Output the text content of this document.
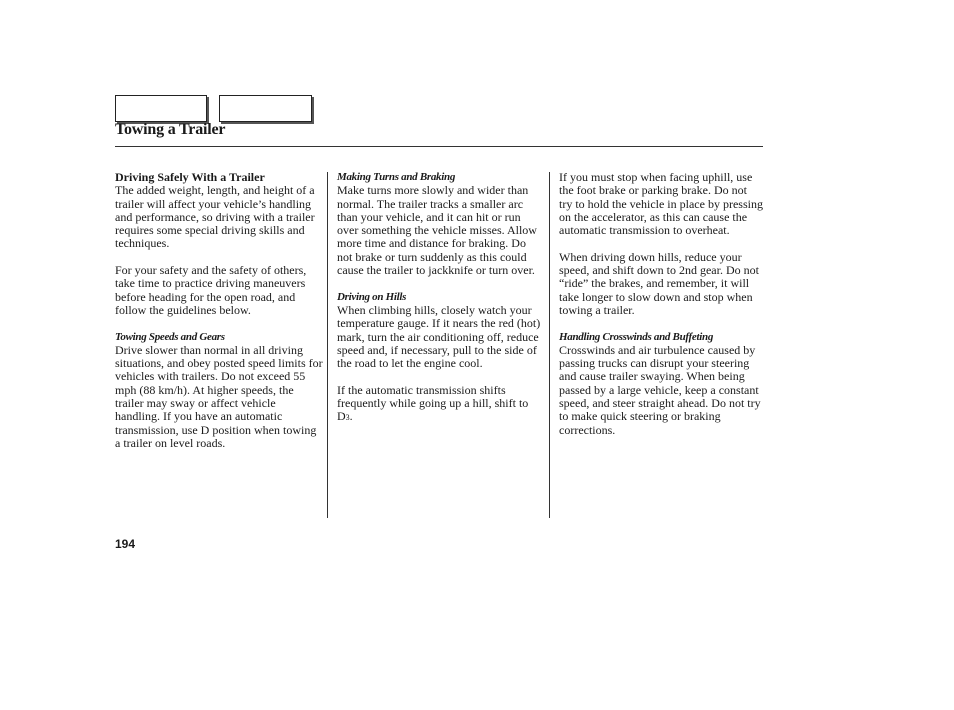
Towing a Trailer
Driving Safely With a Trailer

The added weight, length, and height of a trailer will affect your vehicle’s handling and performance, so driving with a trailer requires some special driving skills and techniques.

For your safety and the safety of others, take time to practice driving maneuvers before heading for the open road, and follow the guidelines below.

Towing Speeds and Gears

Drive slower than normal in all driving situations, and obey posted speed limits for vehicles with trailers. Do not exceed 55 mph (88 km/h). At higher speeds, the trailer may sway or affect vehicle handling. If you have an automatic transmission, use D position when towing a trailer on level roads.

Making Turns and Braking

Make turns more slowly and wider than normal. The trailer tracks a smaller arc than your vehicle, and it can hit or run over something the vehicle misses. Allow more time and distance for braking. Do not brake or turn suddenly as this could cause the trailer to jackknife or turn over.

Driving on Hills

When climbing hills, closely watch your temperature gauge. If it nears the red (hot) mark, turn the air conditioning off, reduce speed and, if necessary, pull to the side of the road to let the engine cool.

If the automatic transmission shifts frequently while going up a hill, shift to D3.

If you must stop when facing uphill, use the foot brake or parking brake. Do not try to hold the vehicle in place by pressing on the accelerator, as this can cause the automatic transmission to overheat.

When driving down hills, reduce your speed, and shift down to 2nd gear. Do not “ride” the brakes, and remember, it will take longer to slow down and stop when towing a trailer.

Handling Crosswinds and Buffeting

Crosswinds and air turbulence caused by passing trucks can disrupt your steering and cause trailer swaying. When being passed by a large vehicle, keep a constant speed, and steer straight ahead. Do not try to make quick steering or braking corrections.

194
